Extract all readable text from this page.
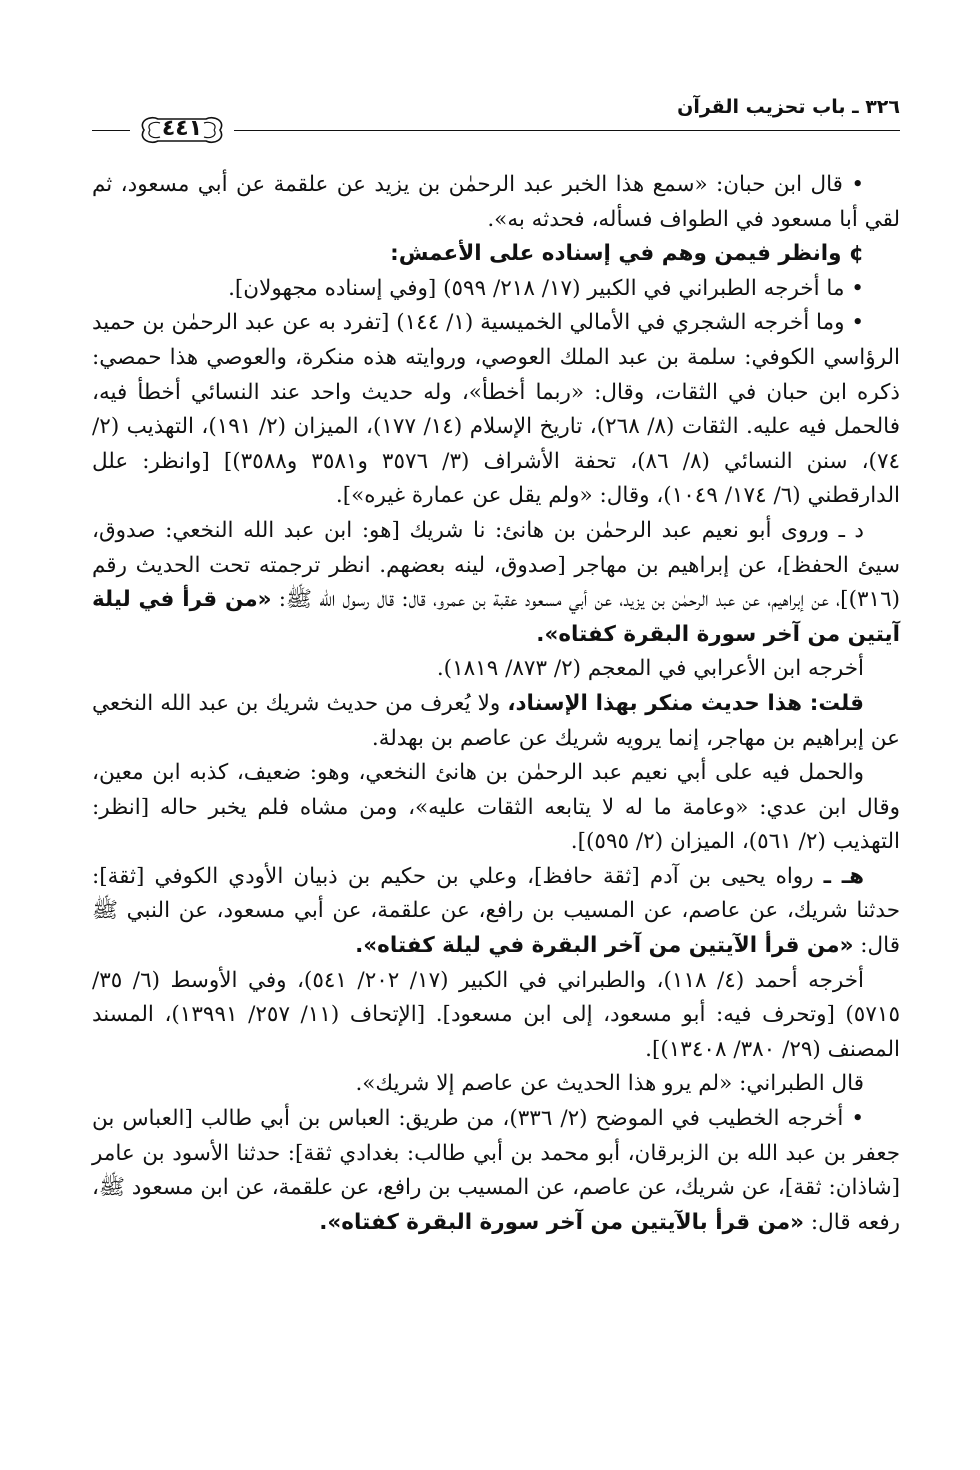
٣٢٦ ـ باب تحزيب القرآن
٤٤١

• قال ابن حبان: «سمع هذا الخبر عبد الرحمٰن بن يزيد عن علقمة عن أبي مسعود، ثم لقي أبا مسعود في الطواف فسأله، فحدثه به».

¢ وانظر فيمن وهم في إسناده على الأعمش:

• ما أخرجه الطبراني في الكبير (١٧/ ٢١٨/ ٥٩٩) [وفي إسناده مجهولان].

• وما أخرجه الشجري في الأمالي الخميسية (١/ ١٤٤) [تفرد به عن عبد الرحمٰن بن حميد الرؤاسي الكوفي: سلمة بن عبد الملك العوصي، وروايته هذه منكرة، والعوصي هذا حمصي: ذكره ابن حبان في الثقات، وقال: «ربما أخطأ»، وله حديث واحد عند النسائي أخطأ فيه، فالحمل فيه عليه. الثقات (٨/ ٢٦٨)، تاريخ الإسلام (١٤/ ١٧٧)، الميزان (٢/ ١٩١)، التهذيب (٢/ ٧٤)، سنن النسائي (٨/ ٨٦)، تحفة الأشراف (٣/ ٣٥٧٦ و٣٥٨١ و٣٥٨٨)] [وانظر: علل الدارقطني (٦/ ١٧٤/ ١٠٤٩)، وقال: «ولم يقل عن عمارة غيره»].

د ـ وروى أبو نعيم عبد الرحمٰن بن هانئ: نا شريك [هو: ابن عبد الله النخعي: صدوق، سيئ الحفظ]، عن إبراهيم بن مهاجر [صدوق، لينه بعضهم. انظر ترجمته تحت الحديث رقم (٣١٦)]، عن إبراهيم، عن عبد الرحمٰن بن يزيد، عن أبي مسعود عقبة بن عمرو، قال: قال رسول الله ﷺ: «من قرأ في ليلة آيتين من آخر سورة البقرة كفتاه».

أخرجه ابن الأعرابي في المعجم (٢/ ٨٧٣/ ١٨١٩).

قلت: هذا حديث منكر بهذا الإسناد، ولا يُعرف من حديث شريك بن عبد الله النخعي عن إبراهيم بن مهاجر، إنما يرويه شريك عن عاصم بن بهدلة.

والحمل فيه على أبي نعيم عبد الرحمٰن بن هانئ النخعي، وهو: ضعيف، كذبه ابن معين، وقال ابن عدي: «وعامة ما له لا يتابعه الثقات عليه»، ومن مشاه فلم يخبر حاله [انظر: التهذيب (٢/ ٥٦١)، الميزان (٢/ ٥٩٥)].

هـ ـ رواه يحيى بن آدم [ثقة حافظ]، وعلي بن حكيم بن ذبيان الأودي الكوفي [ثقة]: حدثنا شريك، عن عاصم، عن المسيب بن رافع، عن علقمة، عن أبي مسعود، عن النبي ﷺ قال: «من قرأ الآيتين من آخر البقرة في ليلة كفتاه».

أخرجه أحمد (٤/ ١١٨)، والطبراني في الكبير (١٧/ ٢٠٢/ ٥٤١)، وفي الأوسط (٦/ ٣٥/ ٥٧١٥) [وتحرف فيه: أبو مسعود، إلى ابن مسعود]. [الإتحاف (١١/ ٢٥٧/ ١٣٩٩١)، المسند المصنف (٢٩/ ٣٨٠/ ١٣٤٠٨)].

قال الطبراني: «لم يرو هذا الحديث عن عاصم إلا شريك».

• أخرجه الخطيب في الموضح (٢/ ٣٣٦)، من طريق: العباس بن أبي طالب [العباس بن جعفر بن عبد الله بن الزبرقان، أبو محمد بن أبي طالب: بغدادي ثقة]: حدثنا الأسود بن عامر [شاذان: ثقة]، عن شريك، عن عاصم، عن المسيب بن رافع، عن علقمة، عن ابن مسعود ﷺ، رفعه قال: «من قرأ بالآيتين من آخر سورة البقرة كفتاه».
